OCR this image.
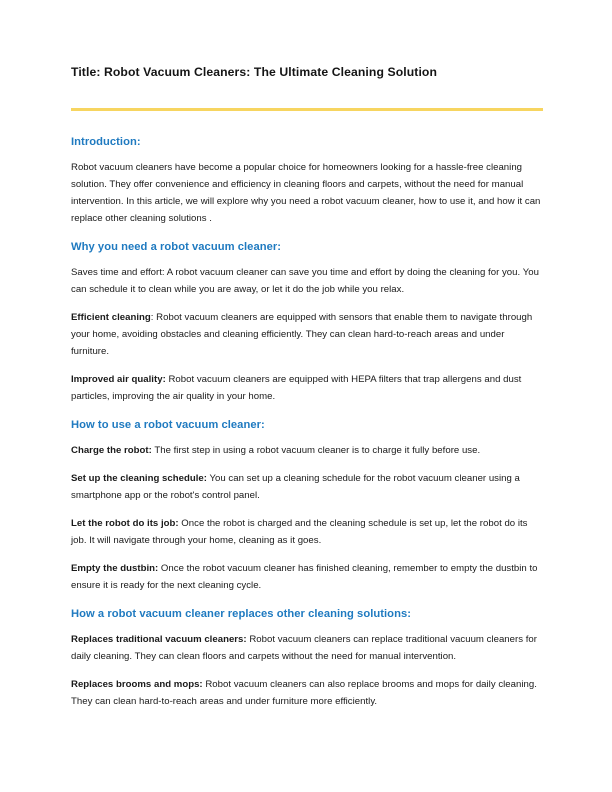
Title: Robot Vacuum Cleaners: The Ultimate Cleaning Solution
Introduction:

Robot vacuum cleaners have become a popular choice for homeowners looking for a hassle-free cleaning solution. They offer convenience and efficiency in cleaning floors and carpets, without the need for manual intervention. In this article, we will explore why you need a robot vacuum cleaner, how to use it, and how it can replace other cleaning solutions .

Why you need a robot vacuum cleaner:

Saves time and effort: A robot vacuum cleaner can save you time and effort by doing the cleaning for you. You can schedule it to clean while you are away, or let it do the job while you relax.

Efficient cleaning: Robot vacuum cleaners are equipped with sensors that enable them to navigate through your home, avoiding obstacles and cleaning efficiently. They can clean hard-to-reach areas and under furniture.

Improved air quality: Robot vacuum cleaners are equipped with HEPA filters that trap allergens and dust particles, improving the air quality in your home.

How to use a robot vacuum cleaner:

Charge the robot: The first step in using a robot vacuum cleaner is to charge it fully before use.

Set up the cleaning schedule: You can set up a cleaning schedule for the robot vacuum cleaner using a smartphone app or the robot's control panel.

Let the robot do its job: Once the robot is charged and the cleaning schedule is set up, let the robot do its job. It will navigate through your home, cleaning as it goes.

Empty the dustbin: Once the robot vacuum cleaner has finished cleaning, remember to empty the dustbin to ensure it is ready for the next cleaning cycle.

How a robot vacuum cleaner replaces other cleaning solutions:

Replaces traditional vacuum cleaners: Robot vacuum cleaners can replace traditional vacuum cleaners for daily cleaning. They can clean floors and carpets without the need for manual intervention.

Replaces brooms and mops: Robot vacuum cleaners can also replace brooms and mops for daily cleaning. They can clean hard-to-reach areas and under furniture more efficiently.
